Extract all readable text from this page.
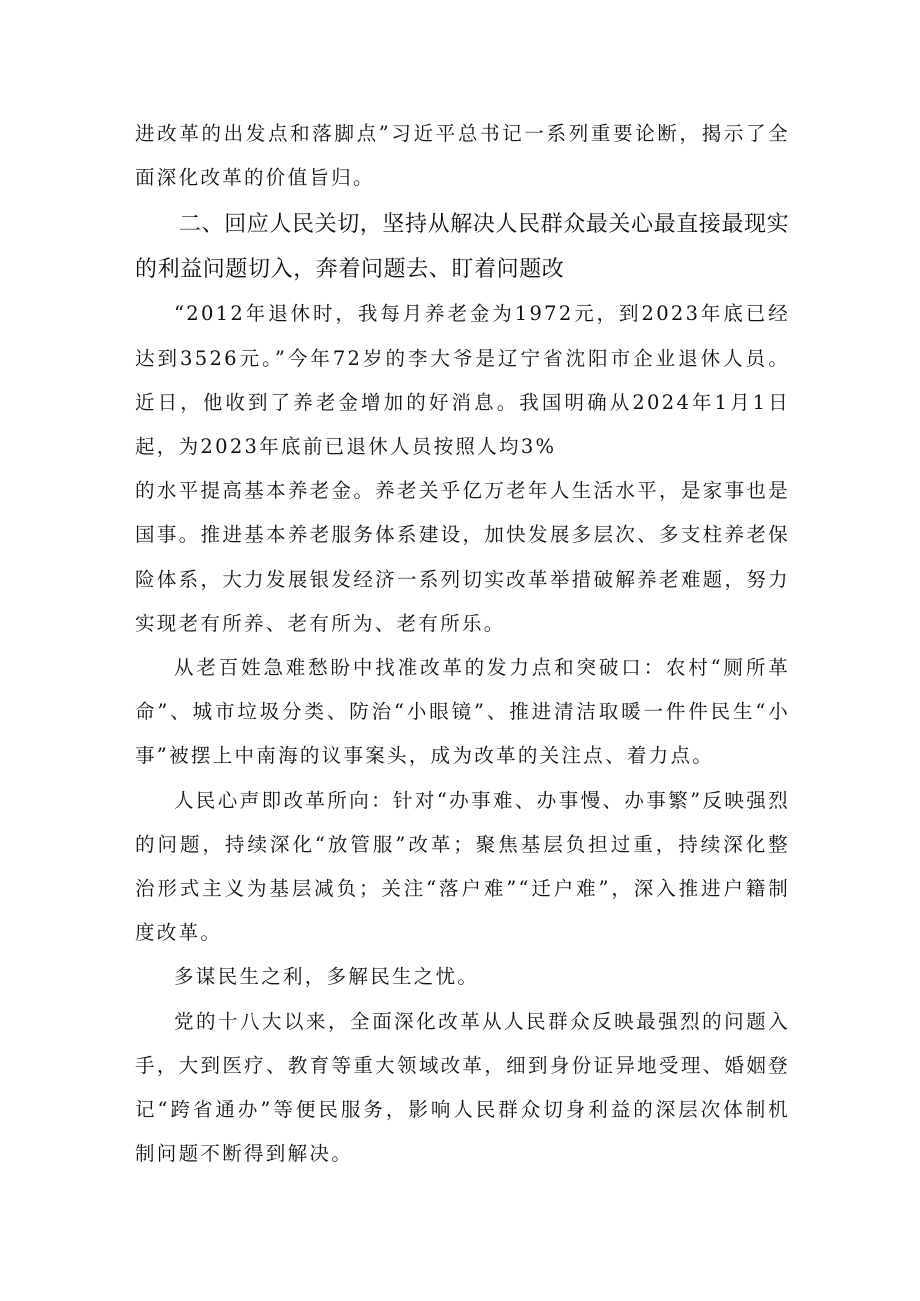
进改革的出发点和落脚点”习近平总书记一系列重要论断，揭示了全面深化改革的价值旨归。

二、回应人民关切，坚持从解决人民群众最关心最直接最现实的利益问题切入，奔着问题去、盯着问题改

“2012年退休时，我每月养老金为1972元，到2023年底已经达到3526元。”今年72岁的李大爷是辽宁省沈阳市企业退休人员。近日，他收到了养老金增加的好消息。我国明确从2024年1月1日起，为2023年底前已退休人员按照人均3%

的水平提高基本养老金。养老关乎亿万老年人生活水平，是家事也是国事。推进基本养老服务体系建设，加快发展多层次、多支柱养老保险体系，大力发展银发经济一系列切实改革举措破解养老难题，努力实现老有所养、老有所为、老有所乐。

从老百姓急难愁盼中找准改革的发力点和突破口：农村“厕所革命”、城市垃圾分类、防治“小眼镜”、推进清洁取暖一件件民生“小事”被摆上中南海的议事案头，成为改革的关注点、着力点。

人民心声即改革所向：针对“办事难、办事慢、办事繁”反映强烈的问题，持续深化“放管服”改革；聚焦基层负担过重，持续深化整治形式主义为基层减负；关注“落户难”“迁户难”，深入推进户籍制度改革。

多谋民生之利，多解民生之忧。

党的十八大以来，全面深化改革从人民群众反映最强烈的问题入手，大到医疗、教育等重大领域改革，细到身份证异地受理、婚姻登记“跨省通办”等便民服务，影响人民群众切身利益的深层次体制机制问题不断得到解决。
